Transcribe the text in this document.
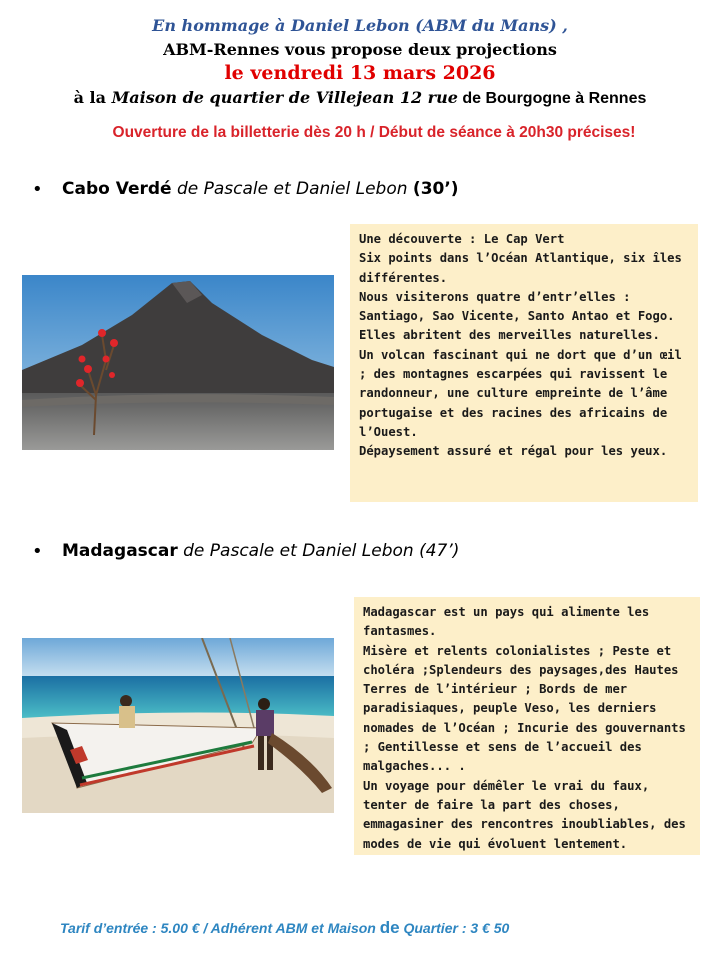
En hommage à Daniel Lebon (ABM du Mans) ,
ABM-Rennes vous propose deux projections
le vendredi 13 mars 2026
à la Maison de quartier de Villejean 12 rue de Bourgogne à Rennes
Ouverture de la billetterie dès 20 h / Début de séance à 20h30 précises!
• Cabo Verdé de Pascale et Daniel Lebon (30’)
Une découverte : Le Cap Vert
Six points dans l’Océan Atlantique, six îles différentes.
Nous visiterons quatre d’entr’elles : Santiago, Sao Vicente, Santo Antao et Fogo.
Elles abritent des merveilles naturelles.
Un volcan fascinant qui ne dort que d’un œil ; des montagnes escarpées qui ravissent le randonneur, une culture empreinte de l’âme portugaise et des racines des africains de l’Ouest.
Dépaysement assuré et régal pour les yeux.
• Madagascar de Pascale et Daniel Lebon (47’)
Madagascar est un pays qui alimente les fantasmes.
Misère et relents colonialistes ; Peste et choléra ;Splendeurs des paysages,des Hautes Terres de l’intérieur ; Bords de mer paradisiaques, peuple Veso, les derniers nomades de l’Océan ; Incurie des gouvernants ; Gentillesse et sens de l’accueil des malgaches... .
Un voyage pour démêler le vrai du faux, tenter de faire la part des choses, emmagasiner des rencontres inoubliables, des modes de vie qui évoluent lentement.
Tarif d’entrée : 5.00 € / Adhérent ABM et Maison de Quartier : 3 € 50
